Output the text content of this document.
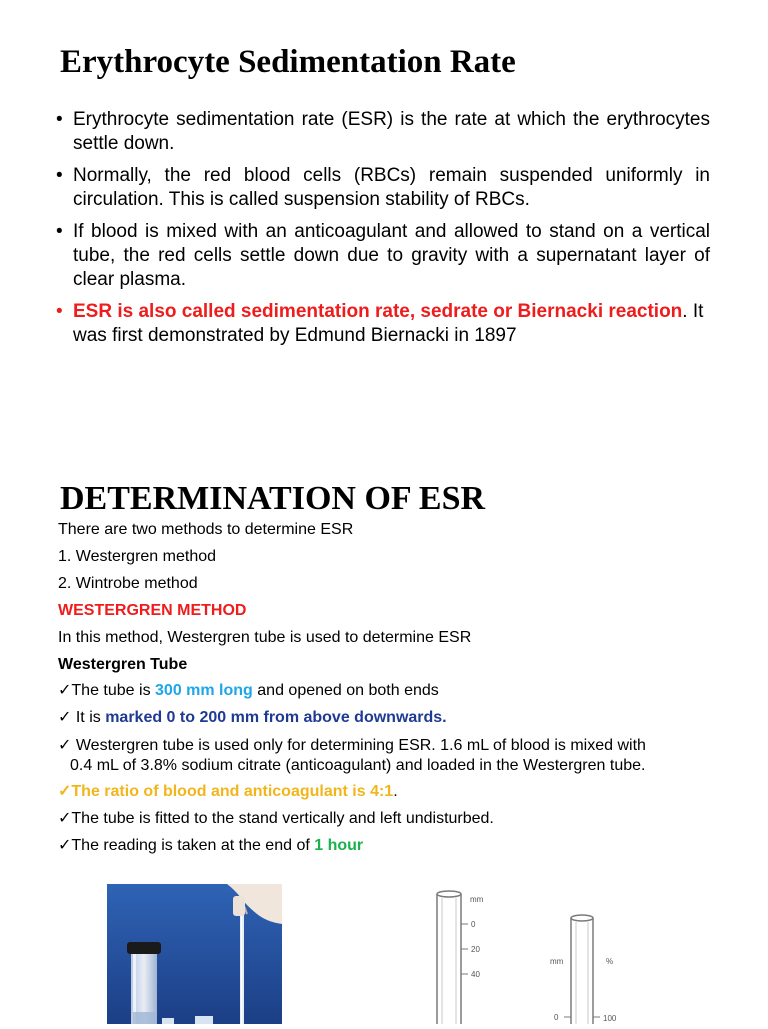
Erythrocyte Sedimentation Rate
• Erythrocyte sedimentation rate (ESR) is the rate at which the erythrocytes settle down.
• Normally, the red blood cells (RBCs) remain suspended uniformly in circulation. This is called suspension stability of RBCs.
• If blood is mixed with an anticoagulant and allowed to stand on a vertical tube, the red cells settle down due to gravity with a supernatant layer of clear plasma.
• ESR is also called sedimentation rate, sedrate or Biernacki reaction. It was first demonstrated by Edmund Biernacki in 1897
DETERMINATION OF ESR
There are two methods to determine ESR
1. Westergren method
2. Wintrobe method
WESTERGREN METHOD
In this method, Westergren tube is used to determine ESR
Westergren Tube
✓The tube is 300 mm long and opened on both ends
✓ It is marked 0 to 200 mm from above downwards.
✓ Westergren tube is used only for determining ESR. 1.6 mL of blood is mixed with
0.4 mL of 3.8% sodium citrate (anticoagulant) and loaded in the Westergren tube.
✓The ratio of blood and anticoagulant is 4:1.
✓The tube is fitted to the stand vertically and left undisturbed.
✓The reading is taken at the end of 1 hour
mm
0
20
40
mm	%
0	100
